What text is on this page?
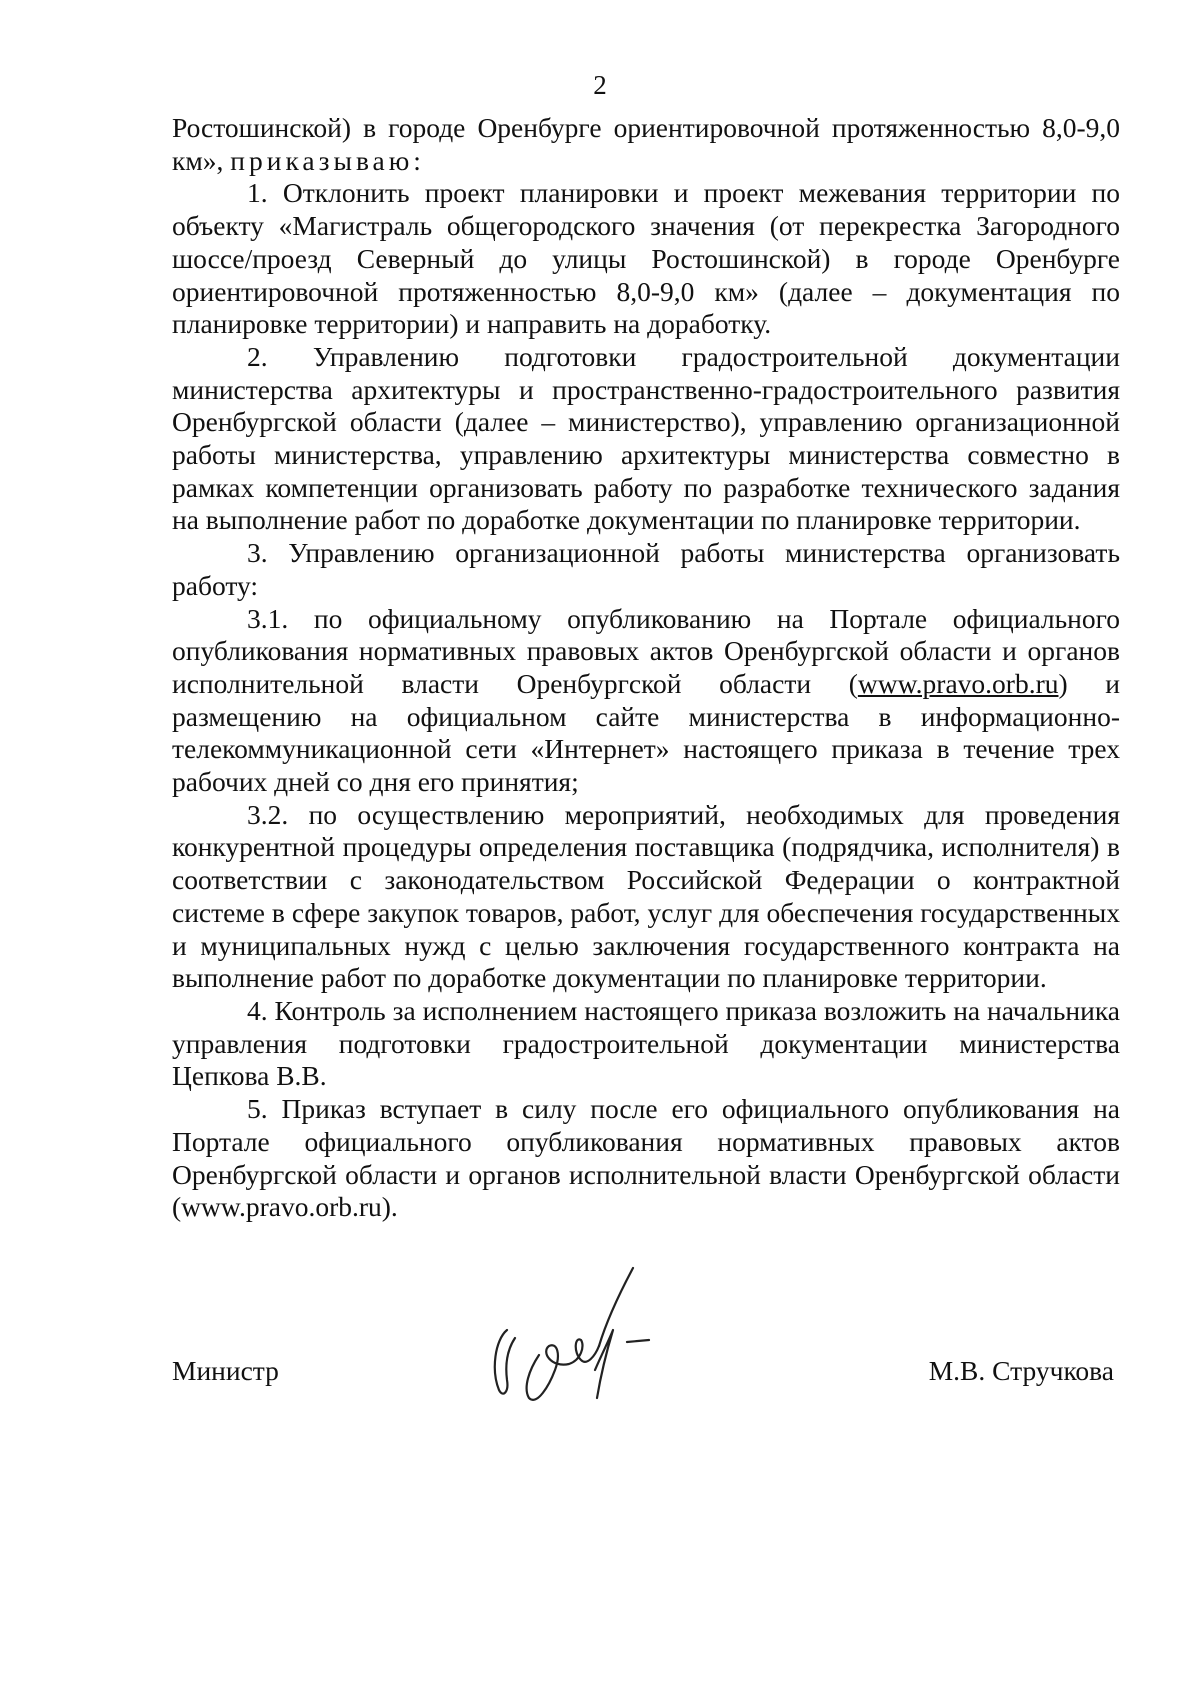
2

Ростошинской) в городе Оренбурге ориентировочной протяженностью 8,0-9,0 км», приказываю:

1. Отклонить проект планировки и проект межевания территории по объекту «Магистраль общегородского значения (от перекрестка Загородного шоссе/проезд Северный до улицы Ростошинской) в городе Оренбурге ориентировочной протяженностью 8,0-9,0 км» (далее – документация по планировке территории) и направить на доработку.

2. Управлению подготовки градостроительной документации министерства архитектуры и пространственно-градостроительного развития Оренбургской области (далее – министерство), управлению организационной работы министерства, управлению архитектуры министерства совместно в рамках компетенции организовать работу по разработке технического задания на выполнение работ по доработке документации по планировке территории.

3. Управлению организационной работы министерства организовать работу:

3.1. по официальному опубликованию на Портале официального опубликования нормативных правовых актов Оренбургской области и органов исполнительной власти Оренбургской области (www.pravo.orb.ru) и размещению на официальном сайте министерства в информационно-телекоммуникационной сети «Интернет» настоящего приказа в течение трех рабочих дней со дня его принятия;

3.2. по осуществлению мероприятий, необходимых для проведения конкурентной процедуры определения поставщика (подрядчика, исполнителя) в соответствии с законодательством Российской Федерации о контрактной системе в сфере закупок товаров, работ, услуг для обеспечения государственных и муниципальных нужд с целью заключения государственного контракта на выполнение работ по доработке документации по планировке территории.

4. Контроль за исполнением настоящего приказа возложить на начальника управления подготовки градостроительной документации министерства Цепкова В.В.

5. Приказ вступает в силу после его официального опубликования на Портале официального опубликования нормативных правовых актов Оренбургской области и органов исполнительной власти Оренбургской области (www.pravo.orb.ru).

Министр	М.В. Стручкова
